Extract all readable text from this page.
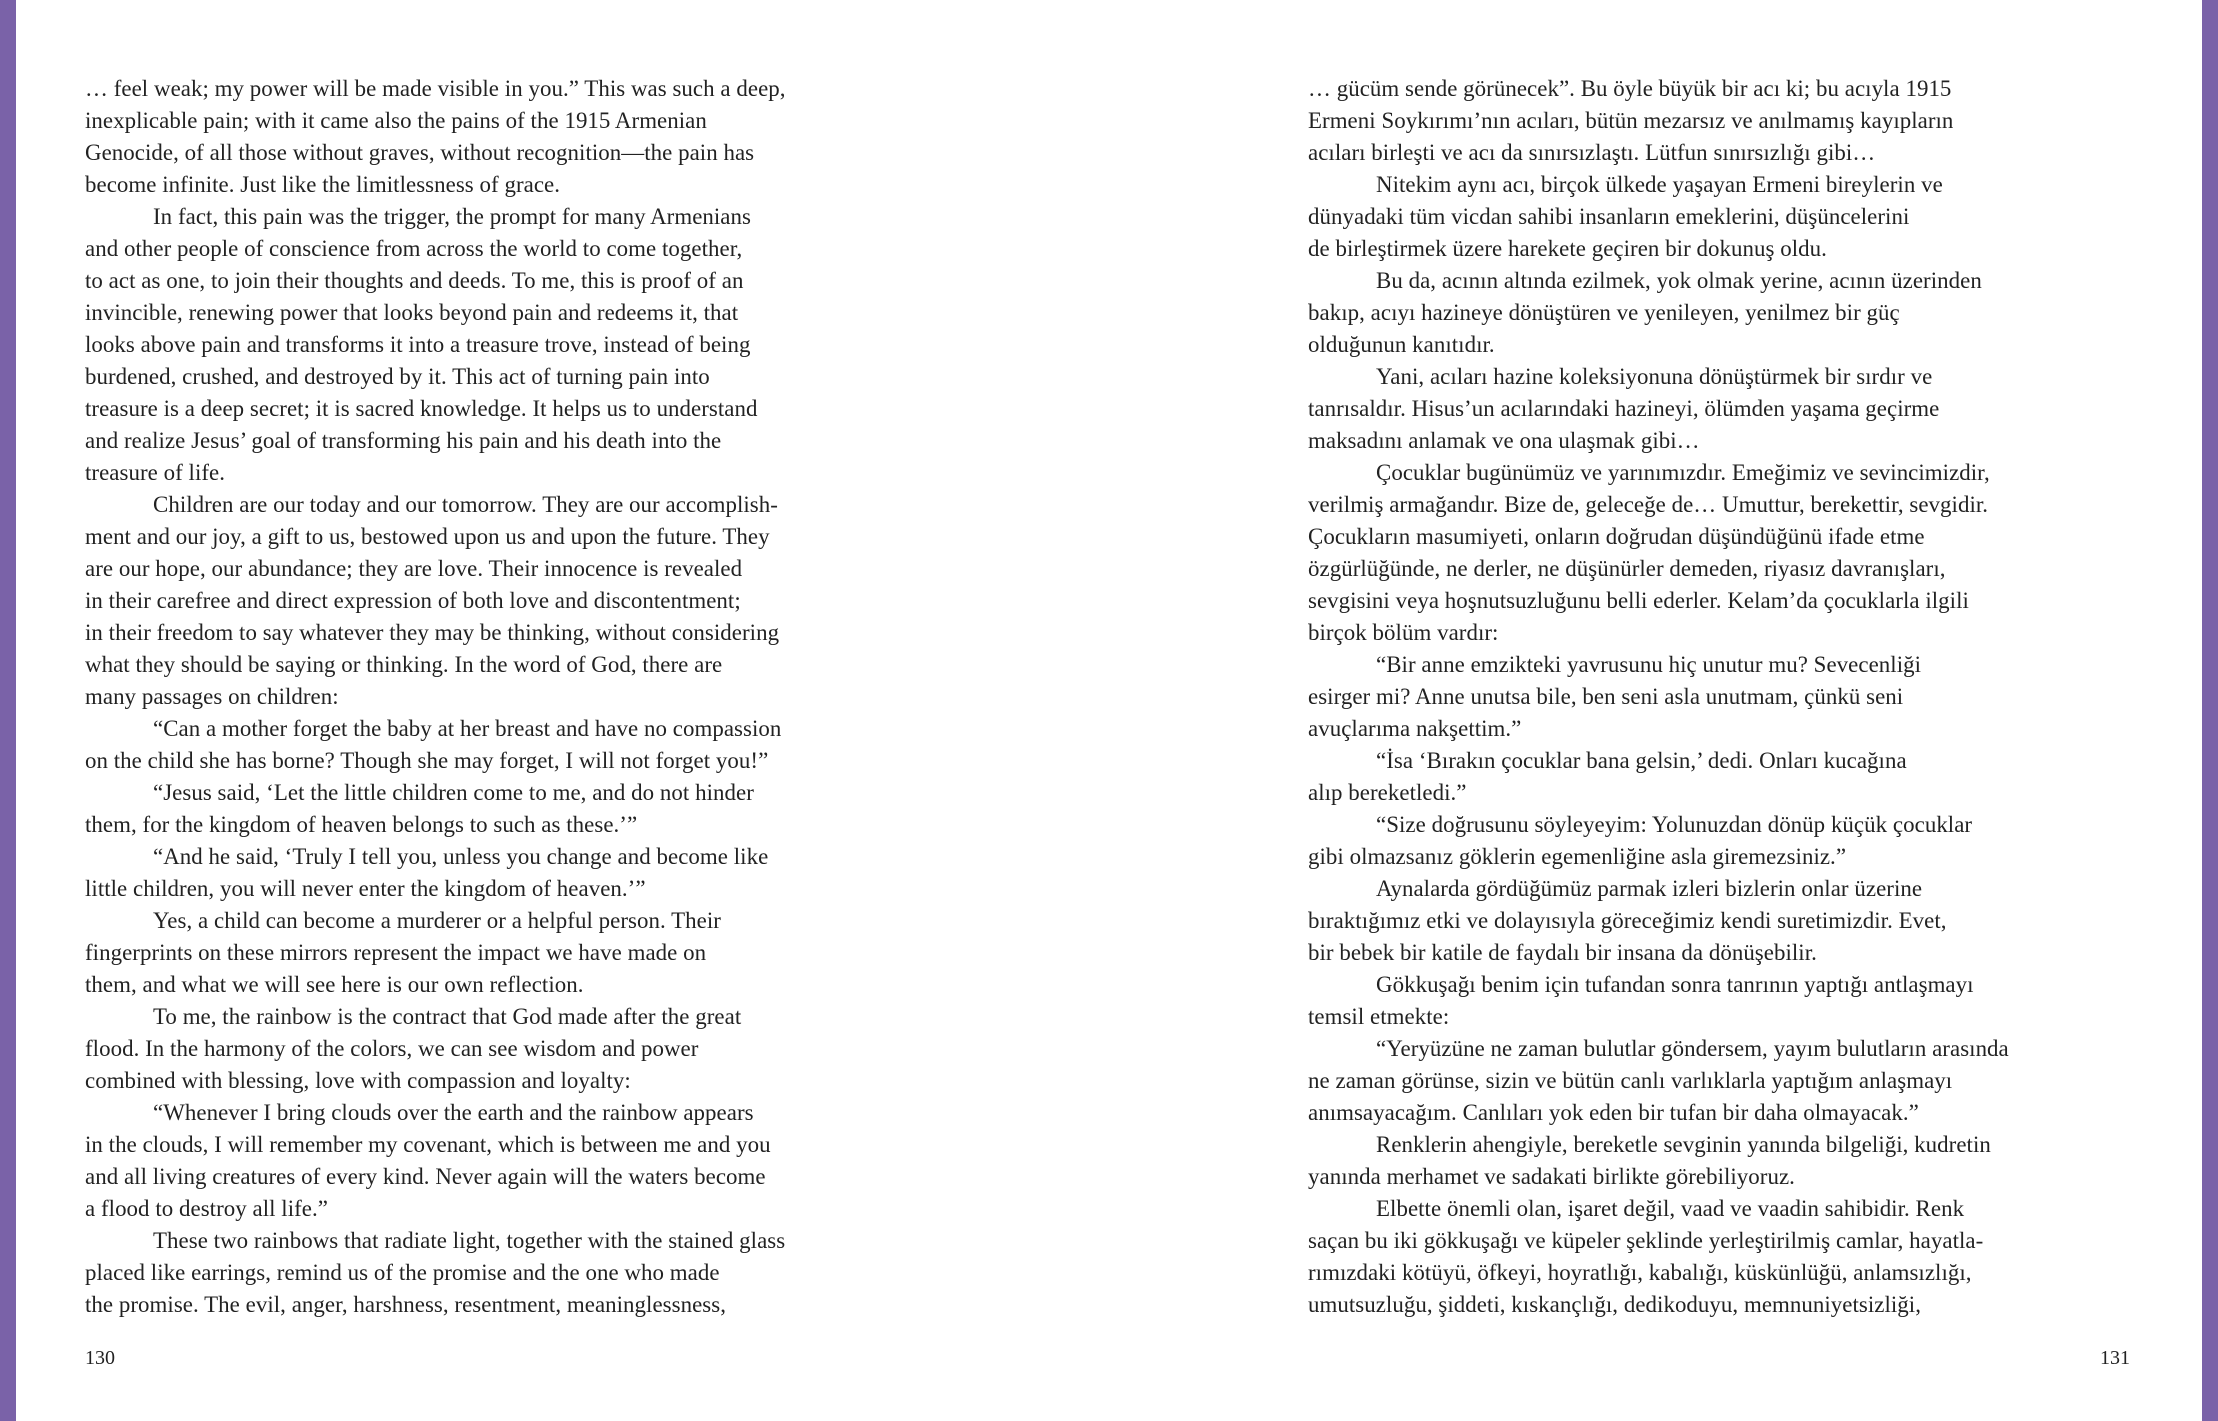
… feel weak; my power will be made visible in you.” This was such a deep,
inexplicable pain; with it came also the pains of the 1915 Armenian
Genocide, of all those without graves, without recognition—the pain has
become infinite. Just like the limitlessness of grace.
In fact, this pain was the trigger, the prompt for many Armenians
and other people of conscience from across the world to come together,
to act as one, to join their thoughts and deeds. To me, this is proof of an
invincible, renewing power that looks beyond pain and redeems it, that
looks above pain and transforms it into a treasure trove, instead of being
burdened, crushed, and destroyed by it. This act of turning pain into
treasure is a deep secret; it is sacred knowledge. It helps us to understand
and realize Jesus’ goal of transforming his pain and his death into the
treasure of life.
Children are our today and our tomorrow. They are our accomplish-
ment and our joy, a gift to us, bestowed upon us and upon the future. They
are our hope, our abundance; they are love. Their innocence is revealed
in their carefree and direct expression of both love and discontentment;
in their freedom to say whatever they may be thinking, without considering
what they should be saying or thinking. In the word of God, there are
many passages on children:
“Can a mother forget the baby at her breast and have no compassion
on the child she has borne? Though she may forget, I will not forget you!”
“Jesus said, ‘Let the little children come to me, and do not hinder
them, for the kingdom of heaven belongs to such as these.’”
“And he said, ‘Truly I tell you, unless you change and become like
little children, you will never enter the kingdom of heaven.’”
Yes, a child can become a murderer or a helpful person. Their
fingerprints on these mirrors represent the impact we have made on
them, and what we will see here is our own reflection.
To me, the rainbow is the contract that God made after the great
flood. In the harmony of the colors, we can see wisdom and power
combined with blessing, love with compassion and loyalty:
“Whenever I bring clouds over the earth and the rainbow appears
in the clouds, I will remember my covenant, which is between me and you
and all living creatures of every kind. Never again will the waters become
a flood to destroy all life.”
These two rainbows that radiate light, together with the stained glass
placed like earrings, remind us of the promise and the one who made
the promise. The evil, anger, harshness, resentment, meaninglessness,
… gücüm sende görünecek”. Bu öyle büyük bir acı ki; bu acıyla 1915
Ermeni Soykırımı’nın acıları, bütün mezarsız ve anılmamış kayıpların
acıları birleşti ve acı da sınırsızlaştı. Lütfun sınırsızlığı gibi…
Nitekim aynı acı, birçok ülkede yaşayan Ermeni bireylerin ve
dünyadaki tüm vicdan sahibi insanların emeklerini, düşüncelerini
de birleştirmek üzere harekete geçiren bir dokunuş oldu.
Bu da, acının altında ezilmek, yok olmak yerine, acının üzerinden
bakıp, acıyı hazineye dönüştüren ve yenileyen, yenilmez bir güç
olduğunun kanıtıdır.
Yani, acıları hazine koleksiyonuna dönüştürmek bir sırdır ve
tanrısaldır. Hisus’un acılarındaki hazineyi, ölümden yaşama geçirme
maksadını anlamak ve ona ulaşmak gibi…
Çocuklar bugünümüz ve yarınımızdır. Emeğimiz ve sevincimizdir,
verilmiş armağandır. Bize de, geleceğe de… Umuttur, berekettir, sevgidir.
Çocukların masumiyeti, onların doğrudan düşündüğünü ifade etme
özgürlüğünde, ne derler, ne düşünürler demeden, riyasız davranışları,
sevgisini veya hoşnutsuzluğunu belli ederler. Kelam’da çocuklarla ilgili
birçok bölüm vardır:
“Bir anne emzikteki yavrusunu hiç unutur mu? Sevecenliği
esirger mi? Anne unutsa bile, ben seni asla unutmam, çünkü seni
avuçlarıma nakşettim.”
“İsa ‘Bırakın çocuklar bana gelsin,’ dedi. Onları kucağına
alıp bereketledi.”
“Size doğrusunu söyleyeyim: Yolunuzdan dönüp küçük çocuklar
gibi olmazsanız göklerin egemenliğine asla giremezsiniz.”
Aynalarda gördüğümüz parmak izleri bizlerin onlar üzerine
bıraktığımız etki ve dolayısıyla göreceğimiz kendi suretimizdir. Evet,
bir bebek bir katile de faydalı bir insana da dönüşebilir.
Gökkuşağı benim için tufandan sonra tanrının yaptığı antlaşmayı
temsil etmekte:
“Yeryüzüne ne zaman bulutlar göndersem, yayım bulutların arasında
ne zaman görünse, sizin ve bütün canlı varlıklarla yaptığım anlaşmayı
anımsayacağım. Canlıları yok eden bir tufan bir daha olmayacak.”
Renklerin ahengiyle, bereketle sevginin yanında bilgeliği, kudretin
yanında merhamet ve sadakati birlikte görebiliyoruz.
Elbette önemli olan, işaret değil, vaad ve vaadin sahibidir. Renk
saçan bu iki gökkuşağı ve küpeler şeklinde yerleştirilmiş camlar, hayatla-
rımızdaki kötüyü, öfkeyi, hoyratlığı, kabalığı, küskünlüğü, anlamsızlığı,
umutsuzluğu, şiddeti, kıskançlığı, dedikoduyu, memnuniyetsizliği,
130	131
